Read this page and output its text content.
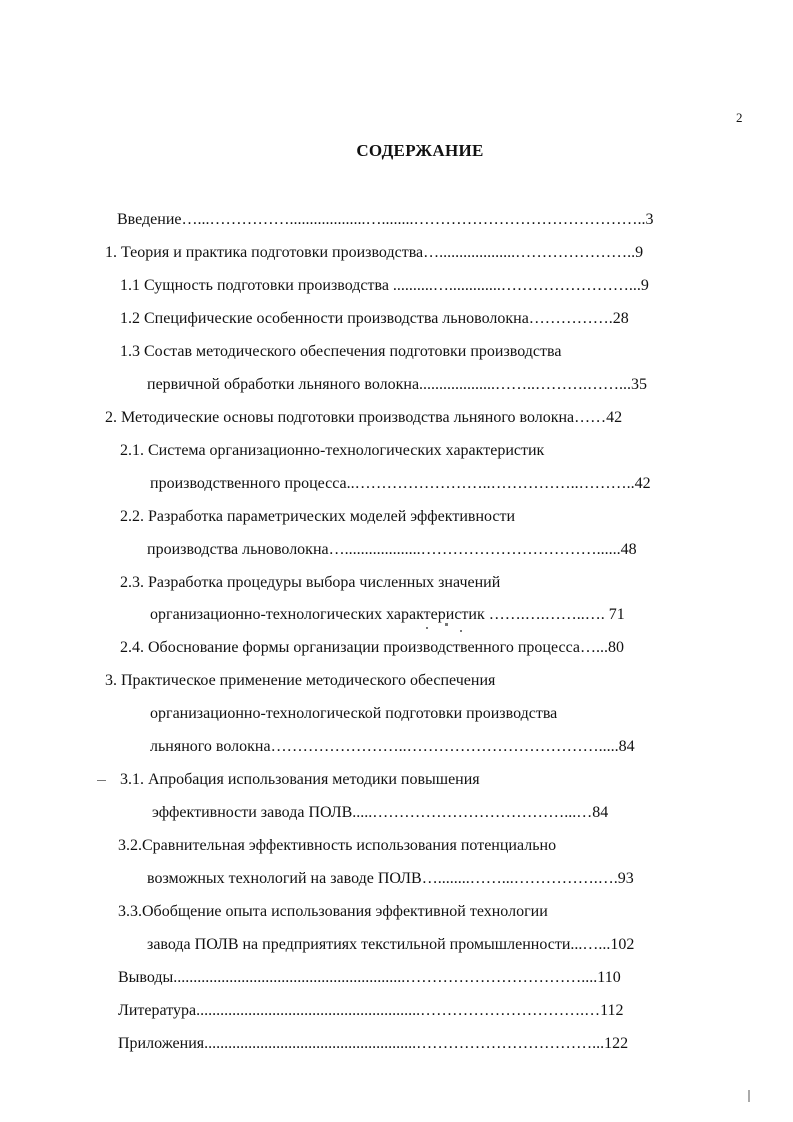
2
СОДЕРЖАНИЕ
Введение…...……………...................…........……………………………………..3
1. Теория и практика подготовки производства…...................…………………..9
1.1 Сущность подготовки производства ..........….............……………………...9
1.2 Специфические особенности производства льноволокна…………….28
1.3 Состав методического обеспечения подготовки производства
первичной обработки льняного волокна...................……..……….……...35
2. Методические основы подготовки производства льняного волокна……42
2.1. Система организационно-технологических характеристик
производственного процесса..……………………..……………..………..42
2.2. Разработка параметрических моделей эффективности
производства льноволокна…...................……………………………......48
2.3. Разработка процедуры выбора численных значений
организационно-технологических характеристик …….….……..…. 71
2.4. Обоснование формы организации производственного процесса…...80
3. Практическое применение методического обеспечения
организационно-технологической подготовки производства
льняного волокна……………………..……………………………….....84
3.1. Апробация использования методики повышения
эффективности завода ПОЛВ.....………………………………...…84
3.2.Сравнительная эффективность использования потенциально
возможных технологий на заводе ПОЛВ…........……...…………….….93
3.3.Обобщение опыта использования эффективной технологии
завода ПОЛВ на предприятиях текстильной промышленности...…...102
Выводы..........................................................……………………………....110
Литература........................................................………………………….…112
Приложения.....................................................……………………………...122
